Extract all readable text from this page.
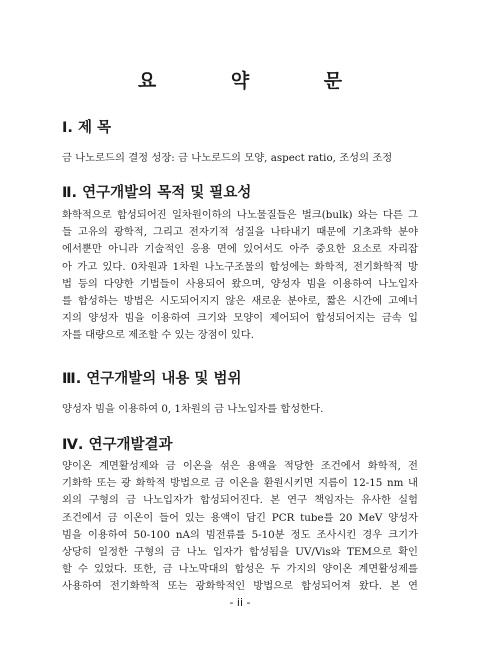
요 약 문
Ⅰ. 제 목
금 나노로드의 결정 성장: 금 나노로드의 모양, aspect ratio, 조성의 조정
Ⅱ. 연구개발의 목적 및 필요성
화학적으로 합성되어진 일차원이하의 나노물질들은 벌크(bulk) 와는 다른 그
들 고유의 광학적, 그리고 전자기적 성질을 나타내기 때문에 기초과학 분야
에서뿐만 아니라 기술적인 응용 면에 있어서도 아주 중요한 요소로 자리잡
아 가고 있다. 0차원과 1차원 나노구조물의 합성에는 화학적, 전기화학적 방
법 등의 다양한 기법들이 사용되어 왔으며, 양성자 빔을 이용하여 나노입자
를 합성하는 방법은 시도되어지지 않은 새로운 분야로, 짧은 시간에 고예너
지의 양성자 빔을 이용하여 크기와 모양이 제어되어 합성되어지는 금속 입
자를 대량으로 제조할 수 있는 장점이 있다.
Ⅲ. 연구개발의 내용 및 범위
양성자 빔을 이용하여 0, 1차원의 금 나노입자를 합성한다.
Ⅳ. 연구개발결과
양이온 계면활성제와 금 이온을 섞은 용액을 적당한 조건에서 화학적, 전
기화학 또는 광 화학적 방법으로 금 이온을 환원시키면 지름이 12-15 nm 내
외의 구형의 금 나노입자가 합성되어진다. 본 연구 책임자는 유사한 실험
조건에서 금 이온이 들어 있는 용액이 담긴 PCR tube를 20 MeV 양성자
빔을 이용하여 50-100 nA의 빔전류를 5-10분 정도 조사시킨 경우 크기가
상당히 일정한 구형의 금 나노 입자가 합성됨을 UV/Vis와 TEM으로 확인
할 수 있었다. 또한, 금 나노막대의 합성은 두 가지의 양이온 계면활성제를
사용하여 전기화학적 또는 광화학적인 방법으로 합성되어져 왔다. 본 연
- ii -
